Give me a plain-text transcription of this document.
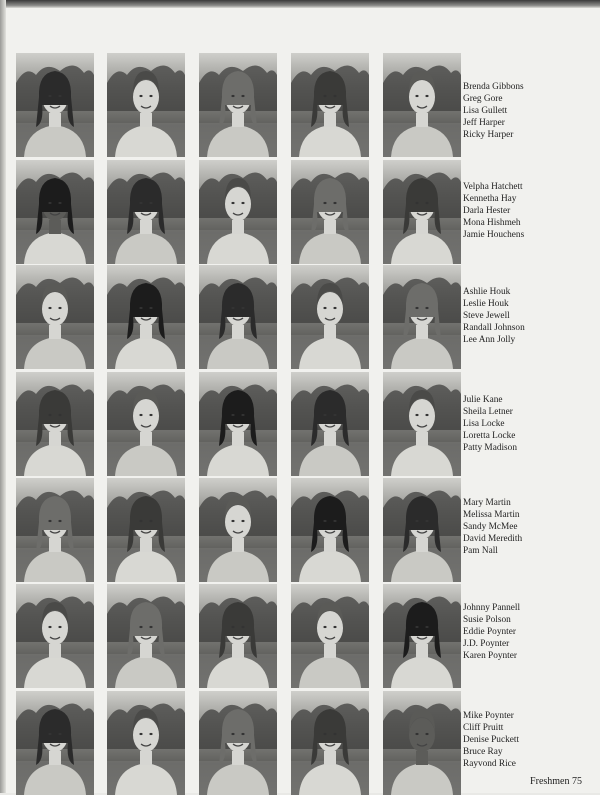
Brenda Gibbons
Greg Gore
Lisa Gullett
Jeff Harper
Ricky Harper
Velpha Hatchett
Kennetha Hay
Darla Hester
Mona Hishmeh
Jamie Houchens
Ashlie Houk
Leslie Houk
Steve Jewell
Randall Johnson
Lee Ann Jolly
Julie Kane
Sheila Letner
Lisa Locke
Loretta Locke
Patty Madison
Mary Martin
Melissa Martin
Sandy McMee
David Meredith
Pam Nall
Johnny Pannell
Susie Polson
Eddie Poynter
J.D. Poynter
Karen Poynter
Mike Poynter
Cliff Pruitt
Denise Puckett
Bruce Ray
Rayvond Rice
Freshmen 75
